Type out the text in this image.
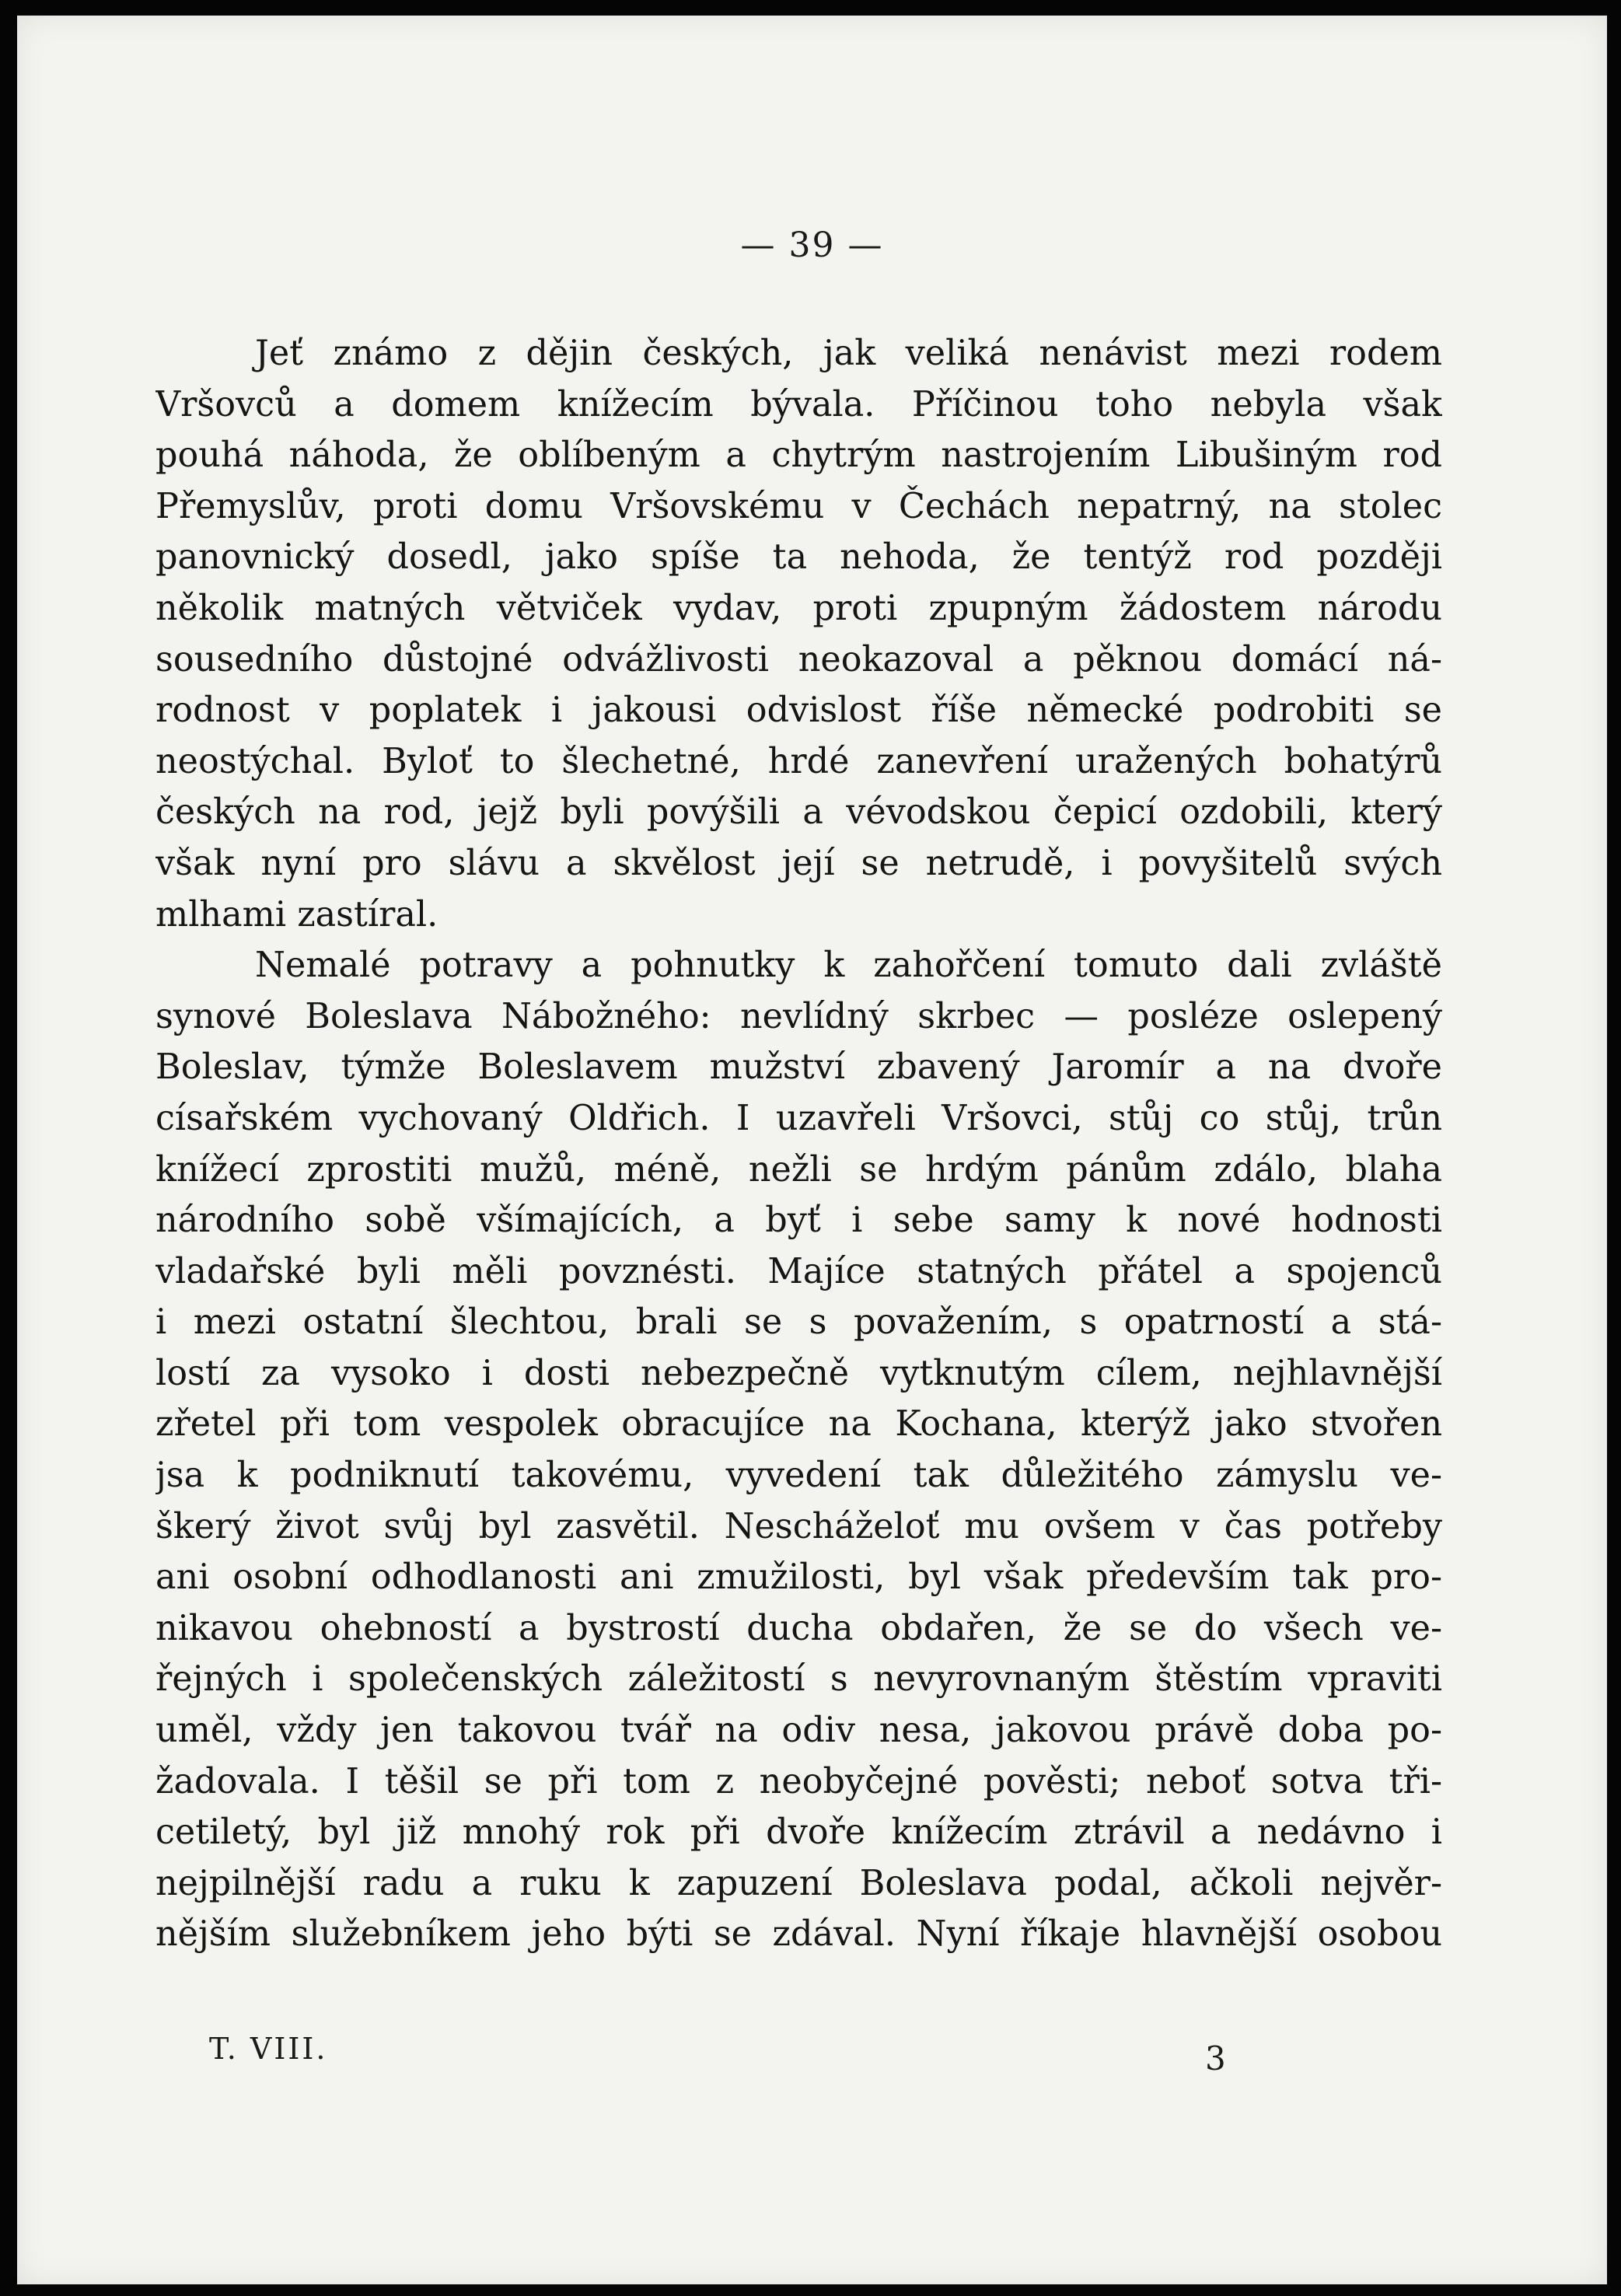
— 39 —
Jeť známo z dějin českých, jak veliká nenávist mezi rodem
Vršovců a domem knížecím bývala. Příčinou toho nebyla však
pouhá náhoda, že oblíbeným a chytrým nastrojením Libušiným rod
Přemyslův, proti domu Vršovskému v Čechách nepatrný, na stolec
panovnický dosedl, jako spíše ta nehoda, že tentýž rod později
několik matných větviček vydav, proti zpupným žádostem národu
sousedního důstojné odvážlivosti neokazoval a pěknou domácí ná-
rodnost v poplatek i jakousi odvislost říše německé podrobiti se
neostýchal. Byloť to šlechetné, hrdé zanevření uražených bohatýrů
českých na rod, jejž byli povýšili a vévodskou čepicí ozdobili, který
však nyní pro slávu a skvělost její se netrudě, i povyšitelů svých
mlhami zastíral.
Nemalé potravy a pohnutky k zahořčení tomuto dali zvláště
synové Boleslava Nábožného: nevlídný skrbec — posléze oslepený
Boleslav, týmže Boleslavem mužství zbavený Jaromír a na dvoře
císařském vychovaný Oldřich. I uzavřeli Vršovci, stůj co stůj, trůn
knížecí zprostiti mužů, méně, nežli se hrdým pánům zdálo, blaha
národního sobě všímajících, a byť i sebe samy k nové hodnosti
vladařské byli měli povznésti. Majíce statných přátel a spojenců
i mezi ostatní šlechtou, brali se s považením, s opatrností a stá-
lostí za vysoko i dosti nebezpečně vytknutým cílem, nejhlavnější
zřetel při tom vespolek obracujíce na Kochana, kterýž jako stvořen
jsa k podniknutí takovému, vyvedení tak důležitého zámyslu ve-
škerý život svůj byl zasvětil. Nescháželoť mu ovšem v čas potřeby
ani osobní odhodlanosti ani zmužilosti, byl však především tak pro-
nikavou ohebností a bystrostí ducha obdařen, že se do všech ve-
řejných i společenských záležitostí s nevyrovnaným štěstím vpraviti
uměl, vždy jen takovou tvář na odiv nesa, jakovou právě doba po-
žadovala. I těšil se při tom z neobyčejné pověsti; neboť sotva tři-
cetiletý, byl již mnohý rok při dvoře knížecím ztrávil a nedávno i
nejpilnější radu a ruku k zapuzení Boleslava podal, ačkoli nejvěr-
nějším služebníkem jeho býti se zdával. Nyní říkaje hlavnější osobou
T. VIII.	3
